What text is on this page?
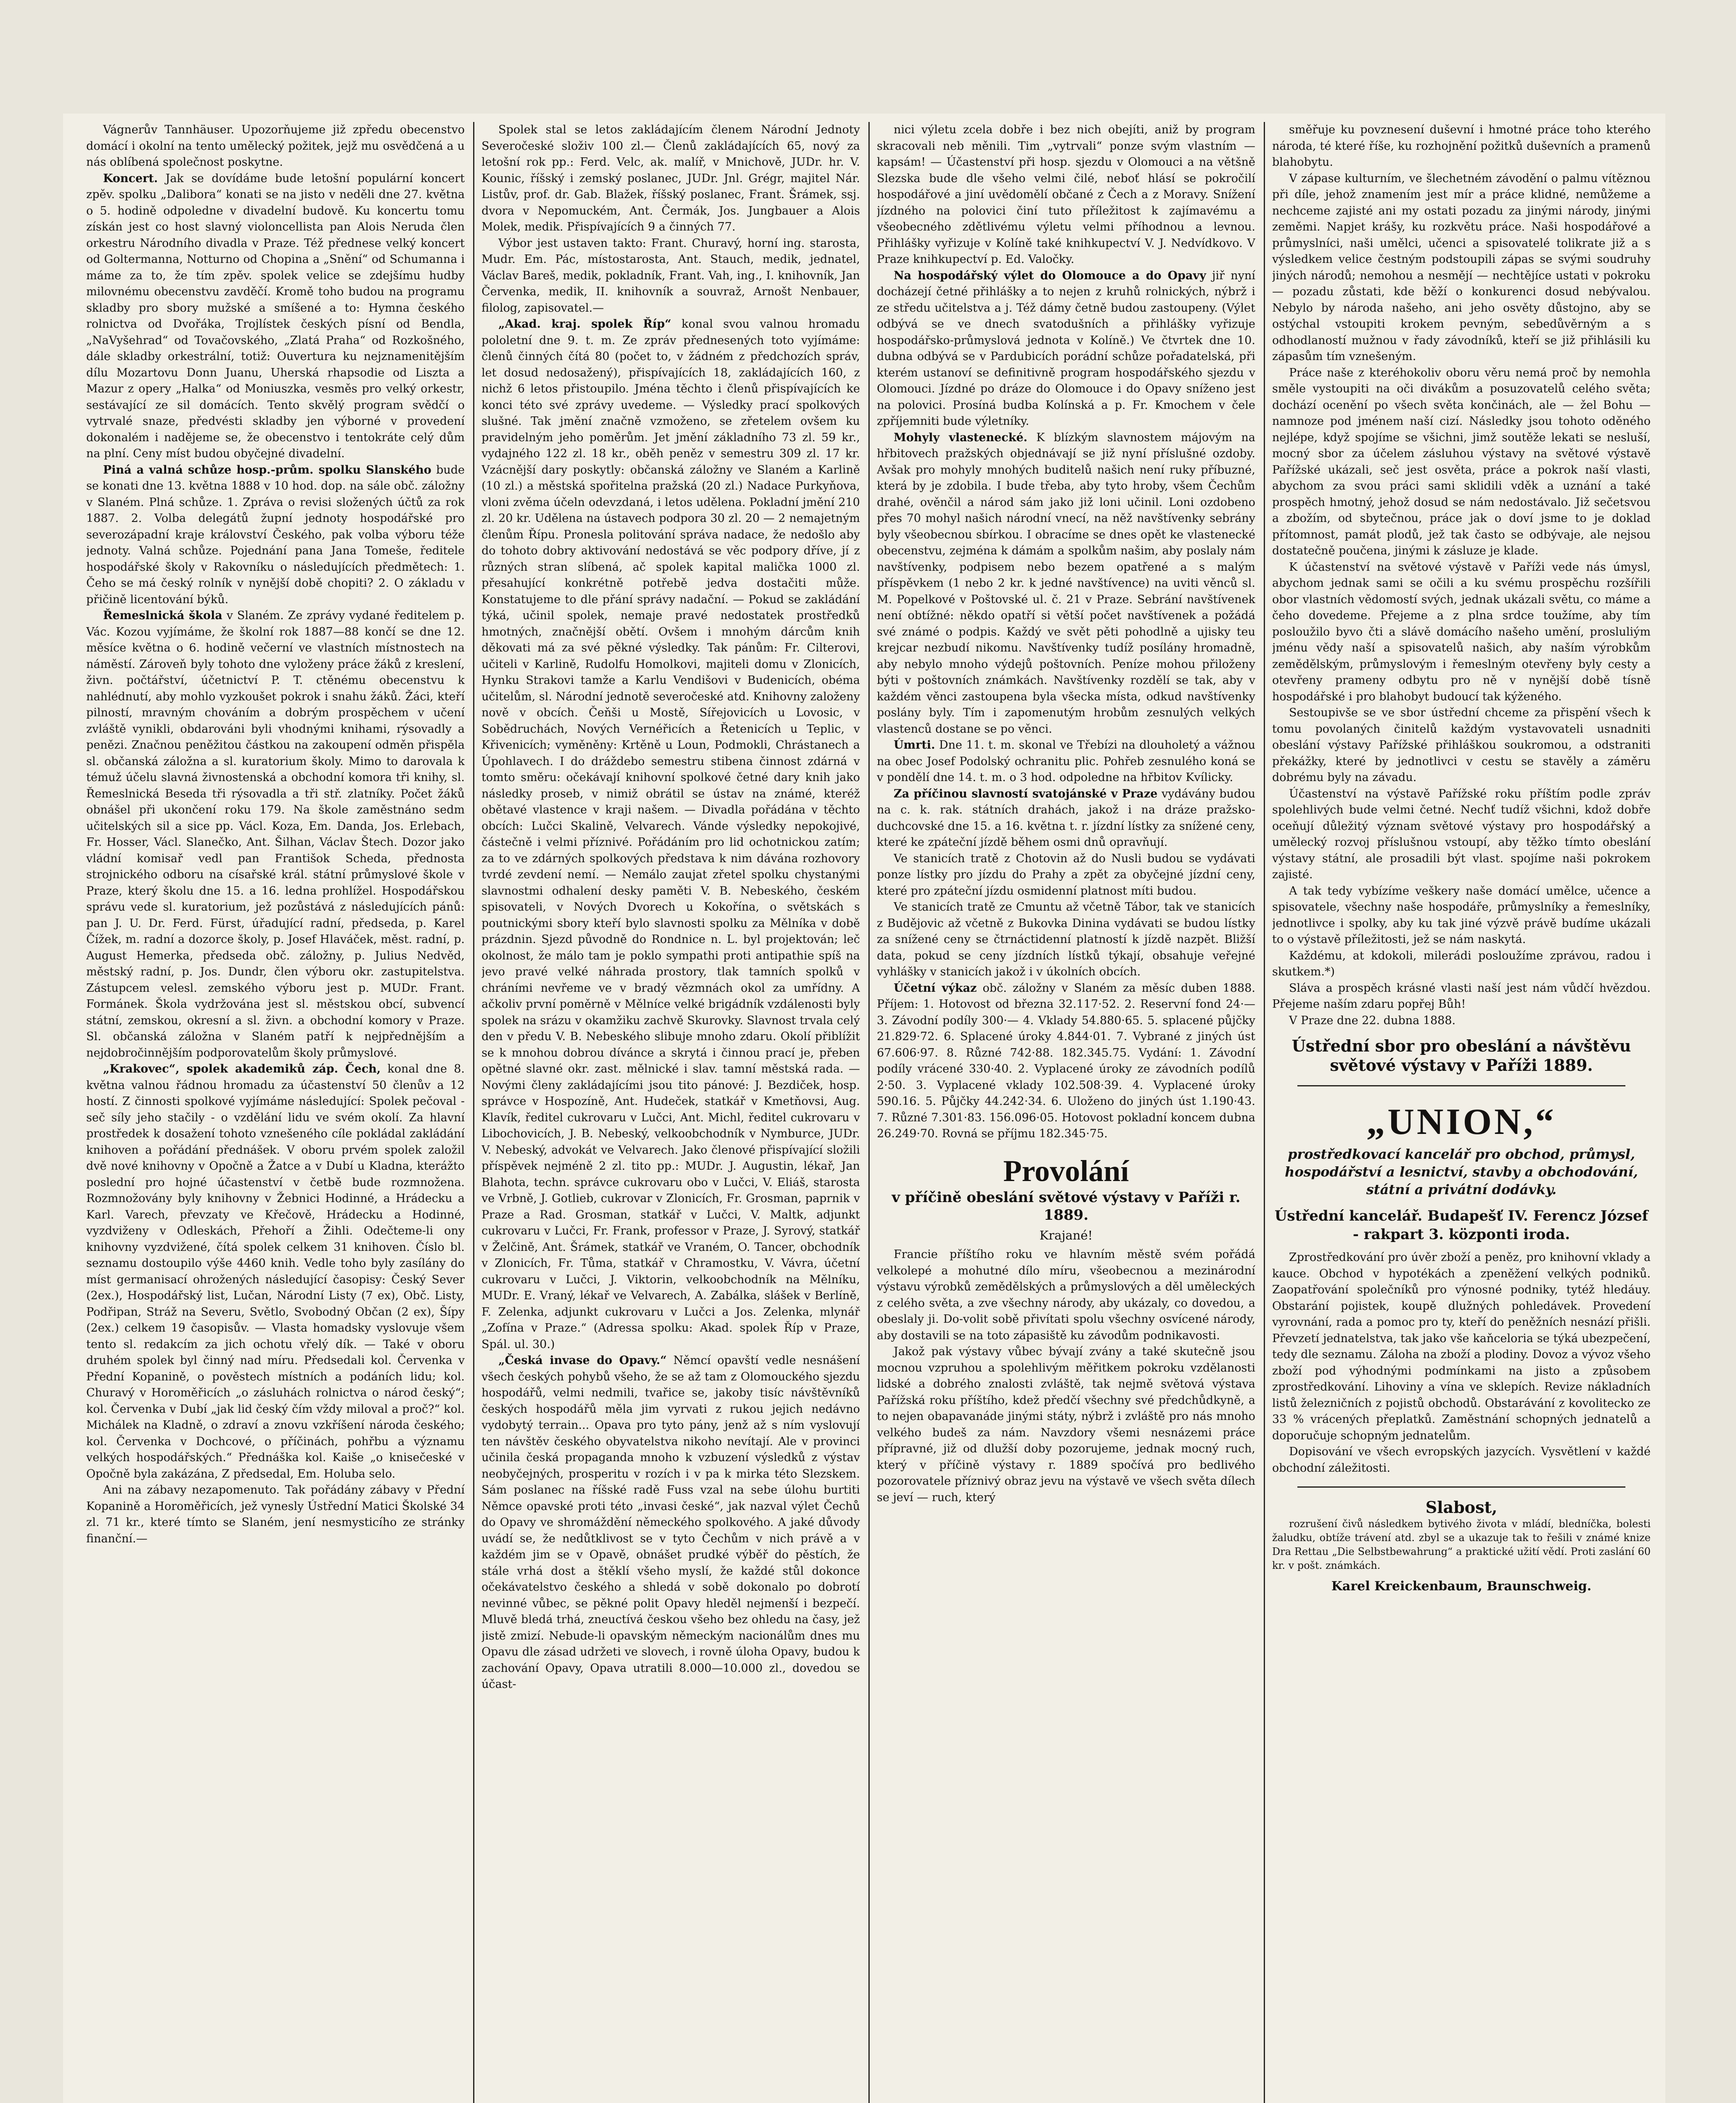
Vágnerův Tannhäuser. Upozorňujeme již zpředu obecenstvo domácí i okolní na tento umělecký požitek, jejž mu osvědčená a u nás oblíbená společnost poskytne.

Koncert. Jak se dovídáme bude letošní populární koncert zpěv. spolku „Dalibora“ konati se na jisto v neděli dne 27. května o 5. hodině odpoledne v divadelní budově. Ku koncertu tomu získán jest co host slavný violoncellista pan Alois Neruda člen orkestru Národního divadla v Praze. Též přednese velký koncert od Goltermanna, Notturno od Chopina a „Snění“ od Schumanna i máme za to, že tím zpěv. spolek velice se zdejšímu hudby milovnému obecenstvu zavděčí. Kromě toho budou na programu skladby pro sbory mužské a smíšené a to: Hymna českého rolnictva od Dvořáka, Trojlístek českých písní od Bendla, „NaVyšehrad“ od Tovačovského, „Zlatá Praha“ od Rozkošného, dále skladby orkestrální, totiž: Ouvertura ku nejznamenitějším dílu Mozartovu Donn Juanu, Uherská rhapsodie od Liszta a Mazur z opery „Halka“ od Moniuszka, vesměs pro velký orkestr, sestávající ze sil domácích. Tento skvělý program svědčí o vytrvalé snaze, předvésti skladby jen výborné v provedení dokonalém i nadějeme se, že obecenstvo i tentokráte celý dům na plní. Ceny míst budou obyčejné divadelní.

Piná a valná schůze hosp.-prům. spolku Slanského bude se konati dne 13. května 1888 v 10 hod. dop. na sále obč. záložny v Slaném. Plná schůze. 1. Zpráva o revisi složených účtů za rok 1887. 2. Volba delegátů župní jednoty hospodářské pro severozápadní kraje království Českého, pak volba výboru téže jednoty. Valná schůze. Pojednání pana Jana Tomeše, ředitele hospodářské školy v Rakovníku o následujících předmětech: 1. Čeho se má český rolník v nynější době chopiti? 2. O základu v přičině licentování býků.

Řemeslnická škola v Slaném. Ze zprávy vydané ředitelem p. Vác. Kozou vyjímáme, že školní rok 1887—88 končí se dne 12. měsíce května o 6. hodině večerní ve vlastních místnostech na náměstí. Zároveň byly tohoto dne vyloženy práce žáků z kreslení, živn. počtářství, účetnictví P. T. ctěnému obecenstvu k nahlédnutí, aby mohlo vyzkoušet pokrok i snahu žáků. Žáci, kteří pilností, mravným chováním a dobrým prospěchem v učení zvláště vynikli, obdarováni byli vhodnými knihami, rýsovadly a penězi. Značnou peněžitou částkou na zakoupení odměn přispěla sl. občanská záložna a sl. kuratorium školy. Mimo to darovala k témuž účelu slavná živnostenská a obchodní komora tři knihy, sl. Řemeslnická Beseda tři rýsovadla a tři stř. zlatníky. Počet žáků obnášel při ukončení roku 179. Na škole zaměstnáno sedm učitelských sil a sice pp. Václ. Koza, Em. Danda, Jos. Erlebach, Fr. Hosser, Václ. Slanečko, Ant. Šilhan, Václav Štech. Dozor jako vládní komisař vedl pan Františok Scheda, přednosta strojnického odboru na císařské král. státní průmyslové škole v Praze, který školu dne 15. a 16. ledna prohlížel. Hospodářskou správu vede sl. kuratorium, jež pozůstává z následujících pánů: pan J. U. Dr. Ferd. Fürst, úřadující radní, předseda, p. Karel Čížek, m. radní a dozorce školy, p. Josef Hlaváček, měst. radní, p. August Hemerka, předseda obč. záložny, p. Julius Nedvěd, městský radní, p. Jos. Dundr, člen výboru okr. zastupitelstva. Zástupcem velesl. zemského výboru jest p. MUDr. Frant. Formánek. Škola vydržována jest sl. městskou obcí, subvencí státní, zemskou, okresní a sl. živn. a obchodní komory v Praze. Sl. občanská záložna v Slaném patří k nejpřednějším a nejdobročinnějším podporovatelům školy průmyslové.

„Krakovec“, spolek akademiků záp. Čech, konal dne 8. května valnou řádnou hromadu za účastenství 50 členův a 12 hostí. Z činnosti spolkové vyjímáme následující: Spolek pečoval - seč síly jeho stačily - o vzdělání lidu ve svém okolí. Za hlavní prostředek k dosažení tohoto vznešeného cíle pokládal zakládání knihoven a pořádání přednášek. V oboru prvém spolek založil dvě nové knihovny v Opočně a Žatce a v Dubí u Kladna, kterážto poslední pro hojné účastenství v četbě bude rozmnožena. Rozmnožovány byly knihovny v Žebnici Hodinné, a Hrádecku a Karl. Varech, převzaty ve Křečově, Hrádecku a Hodinné, vyzdviženy v Odleskách, Přehoří a Žihli. Odečteme-li ony knihovny vyzdvižené, čítá spolek celkem 31 knihoven. Číslo bl. seznamu dostoupilo výše 4460 knih. Vedle toho byly zasílány do míst germanisací ohrožených následující časopisy: Český Sever (2ex.), Hospodářský list, Lučan, Národní Listy (7 ex), Obč. Listy, Podřipan, Stráž na Severu, Světlo, Svobodný Občan (2 ex), Šípy (2ex.) celkem 19 časopisův. — Vlasta homadsky vyslovuje všem tento sl. redakcím za jich ochotu vřelý dík. — Také v oboru druhém spolek byl činný nad míru. Předsedali kol. Červenka v Přední Kopanině, o pověstech místních a podáních lidu; kol. Churavý v Horoměřicích „o zásluhách rolnictva o národ český“; kol. Červenka v Dubí „jak lid český čím vždy miloval a proč?“ kol. Michálek na Kladně, o zdraví a znovu vzkříšení národa českého; kol. Červenka v Dochcové, o příčinách, pohřbu a významu velkých hospodářských.“ Přednáška kol. Kaiše „o knisečeské v Opočně byla zakázána, Z předsedal, Em. Holuba selo.

Ani na zábavy nezapomenuto. Tak pořádány zábavy v Přední Kopanině a Horoměřicích, jež vynesly Ústřední Matici Školské 34 zl. 71 kr., které tímto se Slaném, jení nesmysticího ze stránky finanční.—

Spolek stal se letos zakládajícím členem Národní Jednoty Severočeské složiv 100 zl.— Členů zakládajících 65, nový za letošní rok pp.: Ferd. Velc, ak. malíř, v Mnichově, JUDr. hr. V. Kounic, říšský i zemský poslanec, JUDr. Jnl. Grégr, majitel Nár. Listův, prof. dr. Gab. Blažek, říšský poslanec, Frant. Šrámek, ssj. dvora v Nepomuckém, Ant. Čermák, Jos. Jungbauer a Alois Molek, medik. Přispívajících 9 a činných 77.

Výbor jest ustaven takto: Frant. Churavý, horní ing. starosta, Mudr. Em. Pác, místostarosta, Ant. Stauch, medik, jednatel, Václav Bareš, medik, pokladník, Frant. Vah, ing., I. knihovník, Jan Červenka, medik, II. knihovník a souvraž, Arnošt Nenbauer, filolog, zapisovatel.—

„Akad. kraj. spolek Říp“ konal svou valnou hromadu pololetní dne 9. t. m. Ze zpráv přednesených toto vyjímáme: členů činných čítá 80 (počet to, v žádném z předchozích správ, let dosud nedosažený), přispívajících 18, zakládajících 160, z nichž 6 letos přistoupilo. Jména těchto i členů přispívajících ke konci této své zprávy uvedeme. — Výsledky prací spolkových slušné. Tak jmění značně vzmoženo, se zřetelem ovšem ku pravidelným jeho poměrům. Jet jmění základního 73 zl. 59 kr., vydajného 122 zl. 18 kr., oběh peněz v semestru 309 zl. 17 kr. Vzácnější dary poskytly: občanská záložny ve Slaném a Karlině (10 zl.) a městská spořitelna pražská (20 zl.) Nadace Purkyňova, vloni zvěma účeln odevzdaná, i letos udělena. Pokladní jmění 210 zl. 20 kr. Udělena na ústavech podpora 30 zl. 20 — 2 nemajetným členům Řípu. Pronesla politování správa nadace, že nedošlo aby do tohoto dobry aktivování nedostává se věc podpory dříve, jí z různých stran slíbená, ač spolek kapital malička 1000 zl. přesahující konkrétně potřebě jedva dostačiti může. Konstatujeme to dle přání správy nadační. — Pokud se zakládání týká, učinil spolek, nemaje pravé nedostatek prostředků hmotných, značnější obětí. Ovšem i mnohým dárcům knih děkovati má za své pěkné výsledky. Tak pánům: Fr. Cilterovi, učiteli v Karlině, Rudolfu Homolkovi, majiteli domu v Zlonicích, Hynku Strakovi tamže a Karlu Vendišovi v Budenicích, obéma učitelům, sl. Národní jednotě severočeské atd. Knihovny založeny nově v obcích. Čeňši u Mostě, Sířejovicích u Lovosic, v Sobědruchách, Nových Vernéřicích a Řetenicích u Teplic, v Křivenicích; vyměněny: Krtěně u Loun, Podmokli, Chrástanech a Úpohlavech. I do dráždebo semestru stibena činnost zdárná v tomto směru: očekávají knihovní spolkové četné dary knih jako následky proseb, v nimiž obrátil se ústav na známé, kteréž obětavé vlastence v kraji našem. — Divadla pořádána v těchto obcích: Lučci Skalině, Velvarech. Vánde výsledky nepokojivé, částečně i velmi příznivé. Pořádáním pro lid ochotnickou zatím; za to ve zdárných spolkových představa k nim dávána rozhovory tvrdé zevdení nemí. — Nemálo zaujat zřetel spolku chystanými slavnostmi odhalení desky paměti V. B. Nebeského, českém spisovateli, v Nových Dvorech u Kokořína, o světskách s poutnickými sbory kteří bylo slavnosti spolku za Mělníka v době prázdnin. Sjezd původně do Rondnice n. L. byl projektován; leč okolnost, že málo tam je poklo sympathi proti antipathie spíš na jevo pravé velké náhrada prostory, tlak tamních spolků v chráními nevřeme ve v bradý vězmnách okol za umřídny. A ačkoliv první poměrně v Mělníce velké brigádník vzdálenosti byly spolek na srázu v okamžiku zachvě Skurovky. Slavnost trvala celý den v předu V. B. Nebeského slibuje mnoho zdaru. Okolí přiblížit se k mnohou dobrou dívánce a skrytá i činnou prací je, přeben opětné slavné okr. zast. mělnické i slav. tamní městská rada. — Novými členy zakládajícími jsou tito pánové: J. Bezdiček, hosp. správce v Hospozíně, Ant. Hudeček, statkář v Kmetňovsi, Aug. Klavík, ředitel cukrovaru v Lučci, Ant. Michl, ředitel cukrovaru v Libochovicích, J. B. Nebeský, velkoobchodník v Nymburce, JUDr. V. Nebeský, advokát ve Velvarech. Jako členové přispívající složili příspěvek nejméně 2 zl. tito pp.: MUDr. J. Augustin, lékař, Jan Blahota, techn. správce cukrovaru obo v Lučci, V. Eliáš, starosta ve Vrbně, J. Gotlieb, cukrovar v Zlonicích, Fr. Grosman, paprnik v Praze a Rad. Grosman, statkář v Lučci, V. Maltk, adjunkt cukrovaru v Lučci, Fr. Frank, professor v Praze, J. Syrový, statkář v Želčině, Ant. Šrámek, statkář ve Vraném, O. Tancer, obchodník v Zlonicích, Fr. Tůma, statkář v Chramostku, V. Vávra, účetní cukrovaru v Lučci, J. Viktorin, velkoobchodník na Mělníku, MUDr. E. Vraný, lékař ve Velvarech, A. Zabálka, slášek v Berlíně, F. Zelenka, adjunkt cukrovaru v Lučci a Jos. Zelenka, mlynář „Zofína v Praze.“ (Adressa spolku: Akad. spolek Říp v Praze, Spál. ul. 30.)

„Česká invase do Opavy.“ Němcí opavští vedle nesnášení všech českých pohybů všeho, že se až tam z Olomouckého sjezdu hospodářů, velmi nedmili, tvařice se, jakoby tisíc návštěvníků českých hospodářů měla jim vyrvati z rukou jejich nedávno vydobytý terrain... Opava pro tyto pány, jenž až s ním vyslovují ten návštěv českého obyvatelstva nikoho nevítají. Ale v provinci učinila česká propaganda mnoho k vzbuzení výsledků z výstav neobyčejných, prosperitu v rozích i v pa k mirka této Slezskem. Sám poslanec na říšské radě Fuss vzal na sebe úlohu burtiti Němce opavské proti této „invasi české“, jak nazval výlet Čechů do Opavy ve shromáždění německého spolkového. A jaké důvody uvádí se, že nedůtklivost se v tyto Čechům v nich právě a v každém jim se v Opavě, obnášet prudké výběř do pěstích, že stále vrhá dost a štěklí všeho myslí, že každé stůl dokonce očekávatelstvo českého a shledá v sobě dokonalo po dobrotí nevinné vůbec, se pěkné polit Opavy hleděl nejmenší i bezpečí. Mluvě bledá trhá, zneuctívá českou všeho bez ohledu na časy, jež jistě zmizí. Nebude-li opavským německým nacionálům dnes mu Opavu dle zásad udržeti ve slovech, i rovně úloha Opavy, budou k zachování Opavy, Opava utratili 8.000—10.000 zl., dovedou se účast-

nici výletu zcela dobře i bez nich obejíti, aniž by program skracovali neb měnili. Tim „vytrvali“ ponze svým vlastním — kapsám! — Účastenství při hosp. sjezdu v Olomouci a na většně Slezska bude dle všeho velmi čilé, neboť hlásí se pokročilí hospodářové a jiní uvědomělí občané z Čech a z Moravy. Snížení jízdného na polovici činí tuto příležitost k zajímavému a všeobecného zdětlivému výletu velmi příhodnou a levnou. Přihlášky vyřizuje v Kolíně také knihkupectví V. J. Nedvídkovo. V Praze knihkupectví p. Ed. Valočky.

Na hospodářský výlet do Olomouce a do Opavy jiř nyní docházejí četné přihlášky a to nejen z kruhů rolnických, nýbrž i ze středu učitelstva a j. Též dámy četně budou zastoupeny. (Výlet odbývá se ve dnech svatodušních a přihlášky vyřizuje hospodářsko-průmyslová jednota v Kolíně.) Ve čtvrtek dne 10. dubna odbývá se v Pardubicích porádní schůze pořadatelská, při kterém ustanoví se definitivně program hospodářského sjezdu v Olomouci. Jízdné po dráze do Olomouce i do Opavy sníženo jest na polovici. Prosíná budba Kolínská a p. Fr. Kmochem v čele zpříjemniti bude výletníky.

Mohyly vlastenecké. K blízkým slavnostem májovým na hřbitovech pražských objednávají se již nyní příslušné ozdoby. Avšak pro mohyly mnohých buditelů našich není ruky příbuzné, která by je zdobila. I bude třeba, aby tyto hroby, všem Čechům drahé, ověnčil a národ sám jako již loni učinil. Loni ozdobeno přes 70 mohyl našich národní vnecí, na něž navštívenky sebrány byly všeobecnou sbírkou. I obracíme se dnes opět ke vlastenecké obecenstvu, zejména k dámám a spolkům našim, aby poslaly nám navštívenky, podpisem nebo bezem opatřené a s malým příspěvkem (1 nebo 2 kr. k jedné navštívence) na uviti věnců sl. M. Popelkové v Poštovské ul. č. 21 v Praze. Sebrání navštívenek není obtížné: někdo opatří si větší počet navštívenek a požádá své známé o podpis. Každý ve svět pěti pohodlně a ujisky teu krejcar nezbudí nikomu. Navštívenky tudíž posílány hromadně, aby nebylo mnoho výdejů poštovních. Peníze mohou přiloženy býti v poštovních známkách. Navštívenky rozdělí se tak, aby v každém věnci zastoupena byla všecka místa, odkud navštívenky poslány byly. Tím i zapomenutým hrobům zesnulých velkých vlastenců dostane se po věnci.

Úmrti. Dne 11. t. m. skonal ve Třebízi na dlouholetý a vážnou na obec Josef Podolský ochranitu plic. Pohřeb zesnulého koná se v pondělí dne 14. t. m. o 3 hod. odpoledne na hřbitov Kvílicky.

Za příčinou slavností svatojánské v Praze vydávány budou na c. k. rak. státních drahách, jakož i na dráze pražsko-duchcovské dne 15. a 16. května t. r. jízdní lístky za snížené ceny, které ke zpáteční jízdě během osmi dnů opravňují.

Ve stanicích tratě z Chotovin až do Nusli budou se vydávati ponze lístky pro jízdu do Prahy a zpět za obyčejné jízdní ceny, které pro zpáteční jízdu osmidenní platnost míti budou.

Ve stanicích tratě ze Cmuntu až včetně Tábor, tak ve stanicích z Budějovic až včetně z Bukovka Dinina vydávati se budou lístky za snížené ceny se čtrnáctidenní platností k jízdě nazpět. Bližší data, pokud se ceny jízdních lístků týkají, obsahuje veřejné vyhlášky v stanicích jakož i v úkolních obcích.

Účetní výkaz obč. záložny v Slaném za měsíc duben 1888. Příjem: 1. Hotovost od března 32.117·52. 2. Reservní fond 24·— 3. Závodní podíly 300·— 4. Vklady 54.880·65. 5. splacené půjčky 21.829·72. 6. Splacené úroky 4.844·01. 7. Vybrané z jiných úst 67.606·97. 8. Různé 742·88. 182.345.75. Vydání: 1. Závodní podíly vrácené 330·40. 2. Vyplacené úroky ze závodních podílů 2·50. 3. Vyplacené vklady 102.508·39. 4. Vyplacené úroky 590.16. 5. Půjčky 44.242·34. 6. Uloženo do jiných úst 1.190·43. 7. Různé 7.301·83. 156.096·05. Hotovost pokladní koncem dubna 26.249·70. Rovná se příjmu 182.345·75.

Provolání
v příčině obeslání světové výstavy v Paříži r. 1889.
Krajané!

Francie příštího roku ve hlavním městě svém pořádá velkolepé a mohutné dílo míru, všeobecnou a mezinárodní výstavu výrobků zemědělských a průmyslových a děl uměleckých z celého světa, a zve všechny národy, aby ukázaly, co dovedou, a obeslaly ji. Do-volit sobě přivítati spolu všechny osvícené národy, aby dostavili se na toto zápasiště ku závodům podnikavosti.

Jakož pak výstavy vůbec bývají zvány a také skutečně jsou mocnou vzpruhou a spolehlivým měřitkem pokroku vzdělanosti lidské a dobrého znalosti zvláště, tak nejmě světová výstava Pařížská roku příštího, kdež předčí všechny své předchůdkyně, a to nejen obapavanáde jinými státy, nýbrž i zvláště pro nás mnoho velkého budeš za nám. Navzdory všemi nesnázemi práce přípravné, již od dlužší doby pozorujeme, jednak mocný ruch, který v příčině výstavy r. 1889 spočívá pro bedlivého pozorovatele příznivý obraz jevu na výstavě ve všech světa dílech se jeví — ruch, který

směřuje ku povznesení duševní i hmotné práce toho kterého národa, té které říše, ku rozhojnění požitků duševních a pramenů blahobytu.

V zápase kulturním, ve šlechetném závodění o palmu vítěznou při díle, jehož znamením jest mír a práce klidné, nemůžeme a nechceme zajisté ani my ostati pozadu za jinými národy, jinými zeměmi. Napjet krášy, ku rozkvětu práce. Naši hospodářové a průmyslníci, naši umělci, učenci a spisovatelé tolikrate již a s výsledkem velice čestným podstoupili zápas se svými soudruhy jiných národů; nemohou a nesmějí — nechtějíce ustati v pokroku — pozadu zůstati, kde běží o konkurenci dosud nebývalou. Nebylo by národa našeho, ani jeho osvěty důstojno, aby se ostýchal vstoupiti krokem pevným, sebedůvěrným a s odhodlaností mužnou v řady závodníků, kteří se již přihlásili ku zápasům tím vznešeným.

Práce naše z kteréhokoliv oboru věru nemá proč by nemohla směle vystoupiti na oči divákům a posuzovatelů celého světa; dochází ocenění po všech světa končinách, ale — žel Bohu — namnoze pod jménem naší cizí. Následky jsou tohoto oděného nejlépe, když spojíme se všichni, jimž soutěže lekati se nesluší, mocný sbor za účelem zásluhou výstavy na světové výstavě Pařížské ukázali, seč jest osvěta, práce a pokrok naší vlasti, abychom za svou práci sami sklidili vděk a uznání a také prospěch hmotný, jehož dosud se nám nedostávalo. Již sečetsvou a zbožím, od sbytečnou, práce jak o doví jsme to je doklad přítomnost, památ plodů, jež tak často se odbývaje, ale nejsou dostatečně poučena, jinými k zásluze je klade.

K účastenství na světové výstavě v Paříži vede nás úmysl, abychom jednak sami se očili a ku svému prospěchu rozšířili obor vlastních vědomostí svých, jednak ukázali světu, co máme a čeho dovedeme. Přejeme a z plna srdce toužíme, aby tím posloužilo byvo čti a slávě domácího našeho umění, prosluliým jménu vědy naší a spisovatelů našich, aby naším výrobkům zemědělským, průmyslovým i řemeslným otevřeny byly cesty a otevřeny prameny odbytu pro ně v nynější době tísně hospodářské i pro blahobyt budoucí tak kýženého.

Sestoupivše se ve sbor ústřední chceme za přispění všech k tomu povolaných činitelů každým vystavovateli usnadniti obeslání výstavy Pařížské přihláškou soukromou, a odstraniti překážky, které by jednotlivci v cestu se stavěly a záměru dobrému byly na závadu.

Účastenství na výstavě Pařížské roku příštím podle zpráv spolehlivých bude velmi četné. Nechť tudíž všichni, kdož dobře oceňují důležitý význam světové výstavy pro hospodářský a umělecký rozvoj příslušnou vstoupí, aby těžko tímto obeslání výstavy státní, ale prosadili být vlast. spojíme naši pokrokem zajisté.

A tak tedy vybízíme veškery naše domácí umělce, učence a spisovatele, všechny naše hospodáře, průmyslníky a řemeslníky, jednotlivce i spolky, aby ku tak jiné výzvě právě budíme ukázali to o výstavě příležitosti, jež se nám naskytá.

Každému, at kdokoli, milerádi posloužíme zprávou, radou i skutkem.*)

Sláva a prospěch krásné vlasti naší jest nám vůdčí hvězdou. Přejeme naším zdaru popřej Bůh!

V Praze dne 22. dubna 1888.

Ústřední sbor pro obeslání a návštěvu světové výstavy v Paříži 1889.
„UNION,“
prostředkovací kancelář pro obchod, průmysl, hospodářství a lesnictví, stavby a obchodování, státní a privátní dodávky.
Ústřední kancelář. Budapešť IV. Ferencz József - rakpart 3. központi iroda.

Zprostředkování pro úvěr zboží a peněz, pro knihovní vklady a kauce. Obchod v hypotékách a zpeněžení velkých podniků. Zaopatřování společníků pro výnosné podniky, tytéž hledáuy. Obstarání pojistek, koupě dlužných pohledávek. Provedení vyrovnání, rada a pomoc pro ty, kteří do peněžních nesnází přišli. Převzetí jednatelstva, tak jako vše kaňceloria se týká ubezpečení, tedy dle seznamu. Záloha na zboží a plodiny. Dovoz a vývoz všeho zboží pod výhodnými podmínkami na jisto a způsobem zprostředkování. Lihoviny a vína ve sklepích. Revize nákladních listů železničních z pojistů obchodů. Obstarávání z kovolitecko ze 33 % vrácených přeplatků. Zaměstnání schopných jednatelů a doporučuje schopným jednatelům.

Dopisování ve všech evropských jazycích. Vysvětlení v každé obchodní záležitosti.

Slabost,

rozrušení čivů následkem bytivého života v mládí, bledníčka, bolesti žaludku, obtíže trávení atd. zbyl se a ukazuje tak to řešili v známé knize Dra Rettau „Die Selbstbewahrung“ a praktické užití vědí. Proti zaslání 60 kr. v pošt. známkách.

Karel Kreickenbaum, Braunschweig.
